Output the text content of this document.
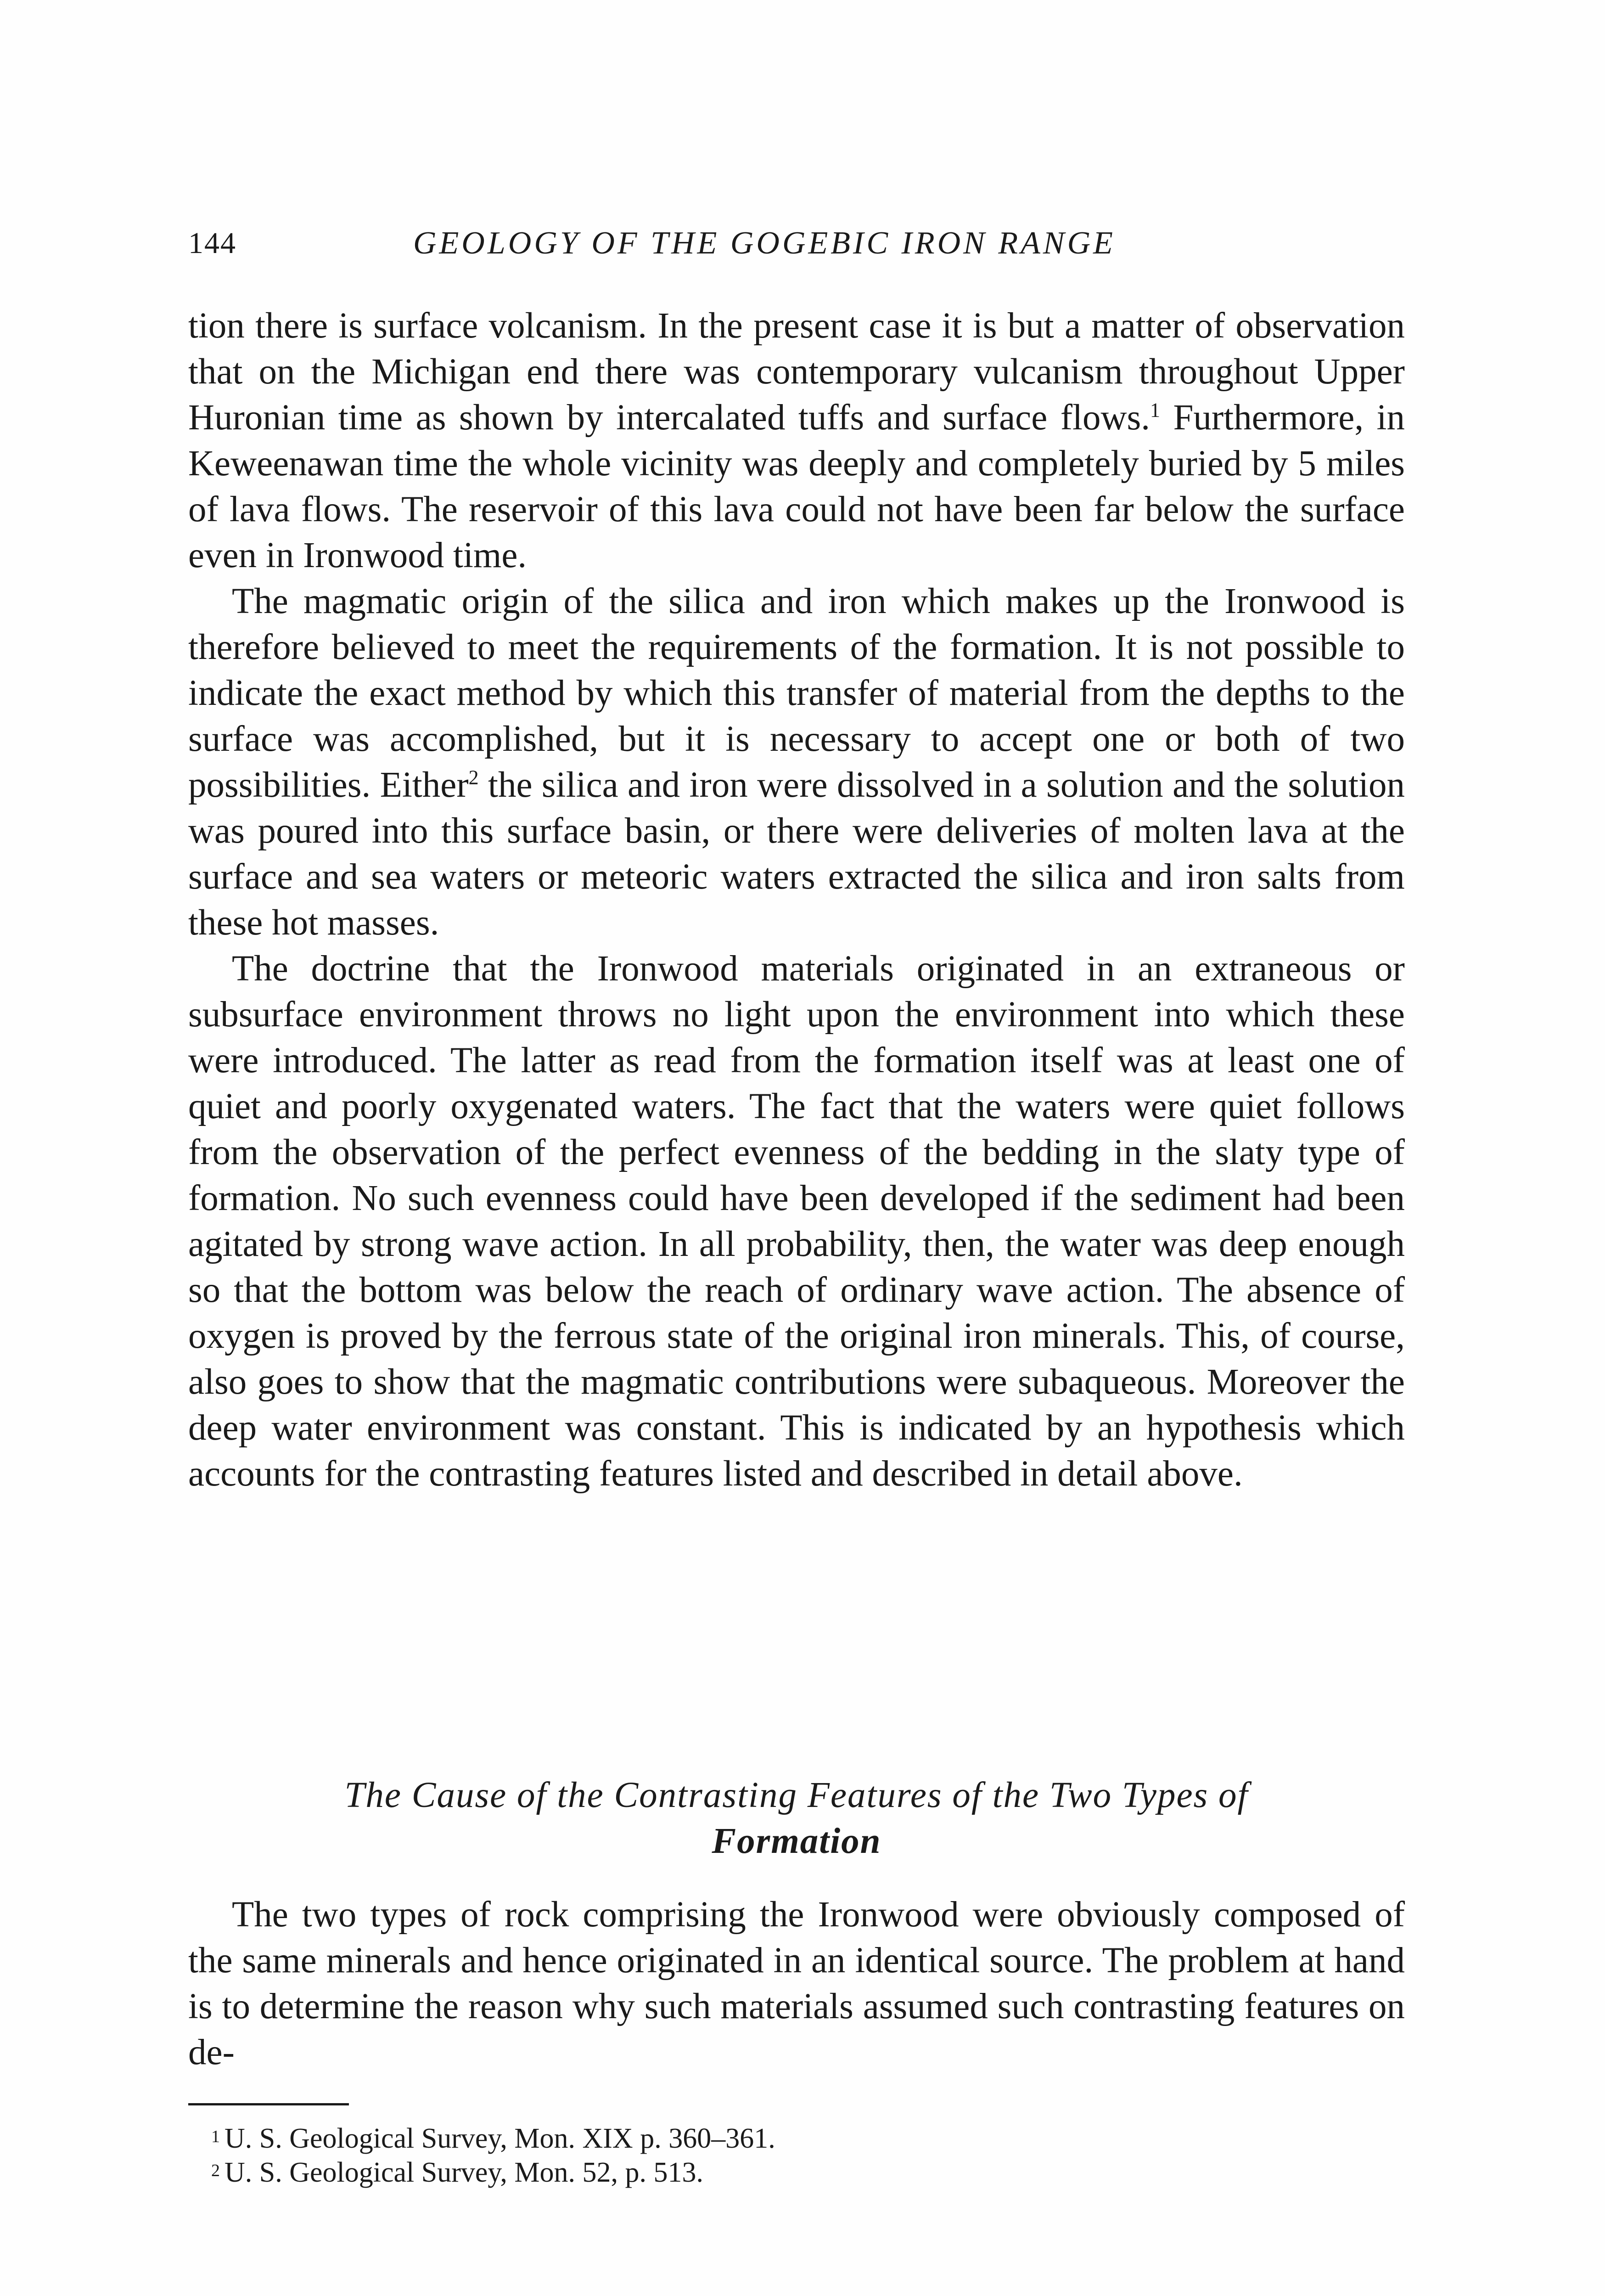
144	GEOLOGY OF THE GOGEBIC IRON RANGE

tion there is surface volcanism. In the present case it is but a matter of observation that on the Michigan end there was contemporary vulcanism throughout Upper Huronian time as shown by intercalated tuffs and surface flows.$^1$ Furthermore, in Keweenawan time the whole vicinity was deeply and completely buried by 5 miles of lava flows. The reservoir of this lava could not have been far below the surface even in Ironwood time.

The magmatic origin of the silica and iron which makes up the Ironwood is therefore believed to meet the requirements of the formation. It is not possible to indicate the exact method by which this transfer of material from the depths to the surface was accomplished, but it is necessary to accept one or both of two possibilities. Either$^2$ the silica and iron were dissolved in a solution and the solution was poured into this surface basin, or there were deliveries of molten lava at the surface and sea waters or meteoric waters extracted the silica and iron salts from these hot masses.

The doctrine that the Ironwood materials originated in an extraneous or subsurface environment throws no light upon the environment into which these were introduced. The latter as read from the formation itself was at least one of quiet and poorly oxygenated waters. The fact that the waters were quiet follows from the observation of the perfect evenness of the bedding in the slaty type of formation. No such evenness could have been developed if the sediment had been agitated by strong wave action. In all probability, then, the water was deep enough so that the bottom was below the reach of ordinary wave action. The absence of oxygen is proved by the ferrous state of the original iron minerals. This, of course, also goes to show that the magmatic contributions were subaqueous. Moreover the deep water environment was constant. This is indicated by an hypothesis which accounts for the contrasting features listed and described in detail above.

The Cause of the Contrasting Features of the Two Types of
Formation

The two types of rock comprising the Ironwood were obviously composed of the same minerals and hence originated in an identical source. The problem at hand is to determine the reason why such materials assumed such contrasting features on de-

$^1$ U. S. Geological Survey, Mon. XIX p. 360–361.
$^2$ U. S. Geological Survey, Mon. 52, p. 513.
